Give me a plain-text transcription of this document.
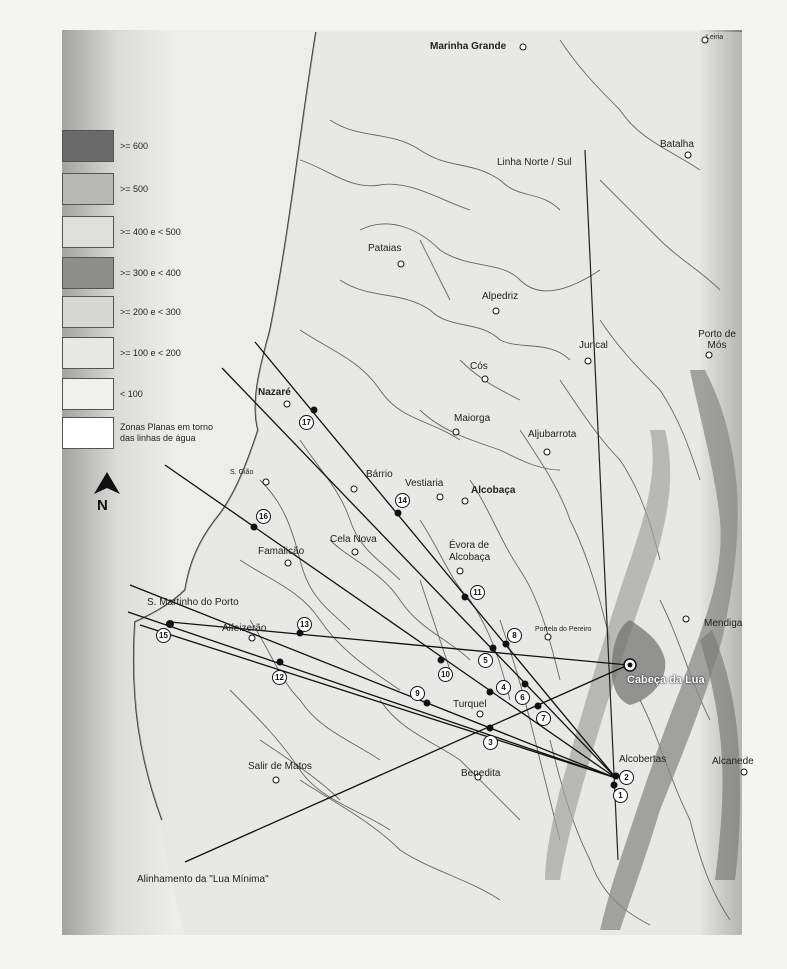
>= 600
>= 500
>= 400 e < 500
>= 300 e < 400
>= 200 e < 300
>= 100 e < 200
< 100
Zonas Planas em torno das linhas de água
N
Marinha Grande
Leiria
Batalha
Linha Norte / Sul
Pataias
Alpedriz
Porto de Mós
Juncal
Cós
Maiorga
Aljubarrota
Nazaré
S. Gião	Bárrio
Vestiaria
Alcobaça
Cela Nova
Évora de Alcobaça
Famalicão
S. Martinho do Porto
Alfeizerão	Portela do Pereiro
Mendiga
Cabeça da Lua
Turquel
Salir de Matos
Benedita
Alcobertas	Alcanede
1
2
3
4
5
6
7
8
9
10
11
12
13
14
15
16
17
Alinhamento da "Lua Mínima"
